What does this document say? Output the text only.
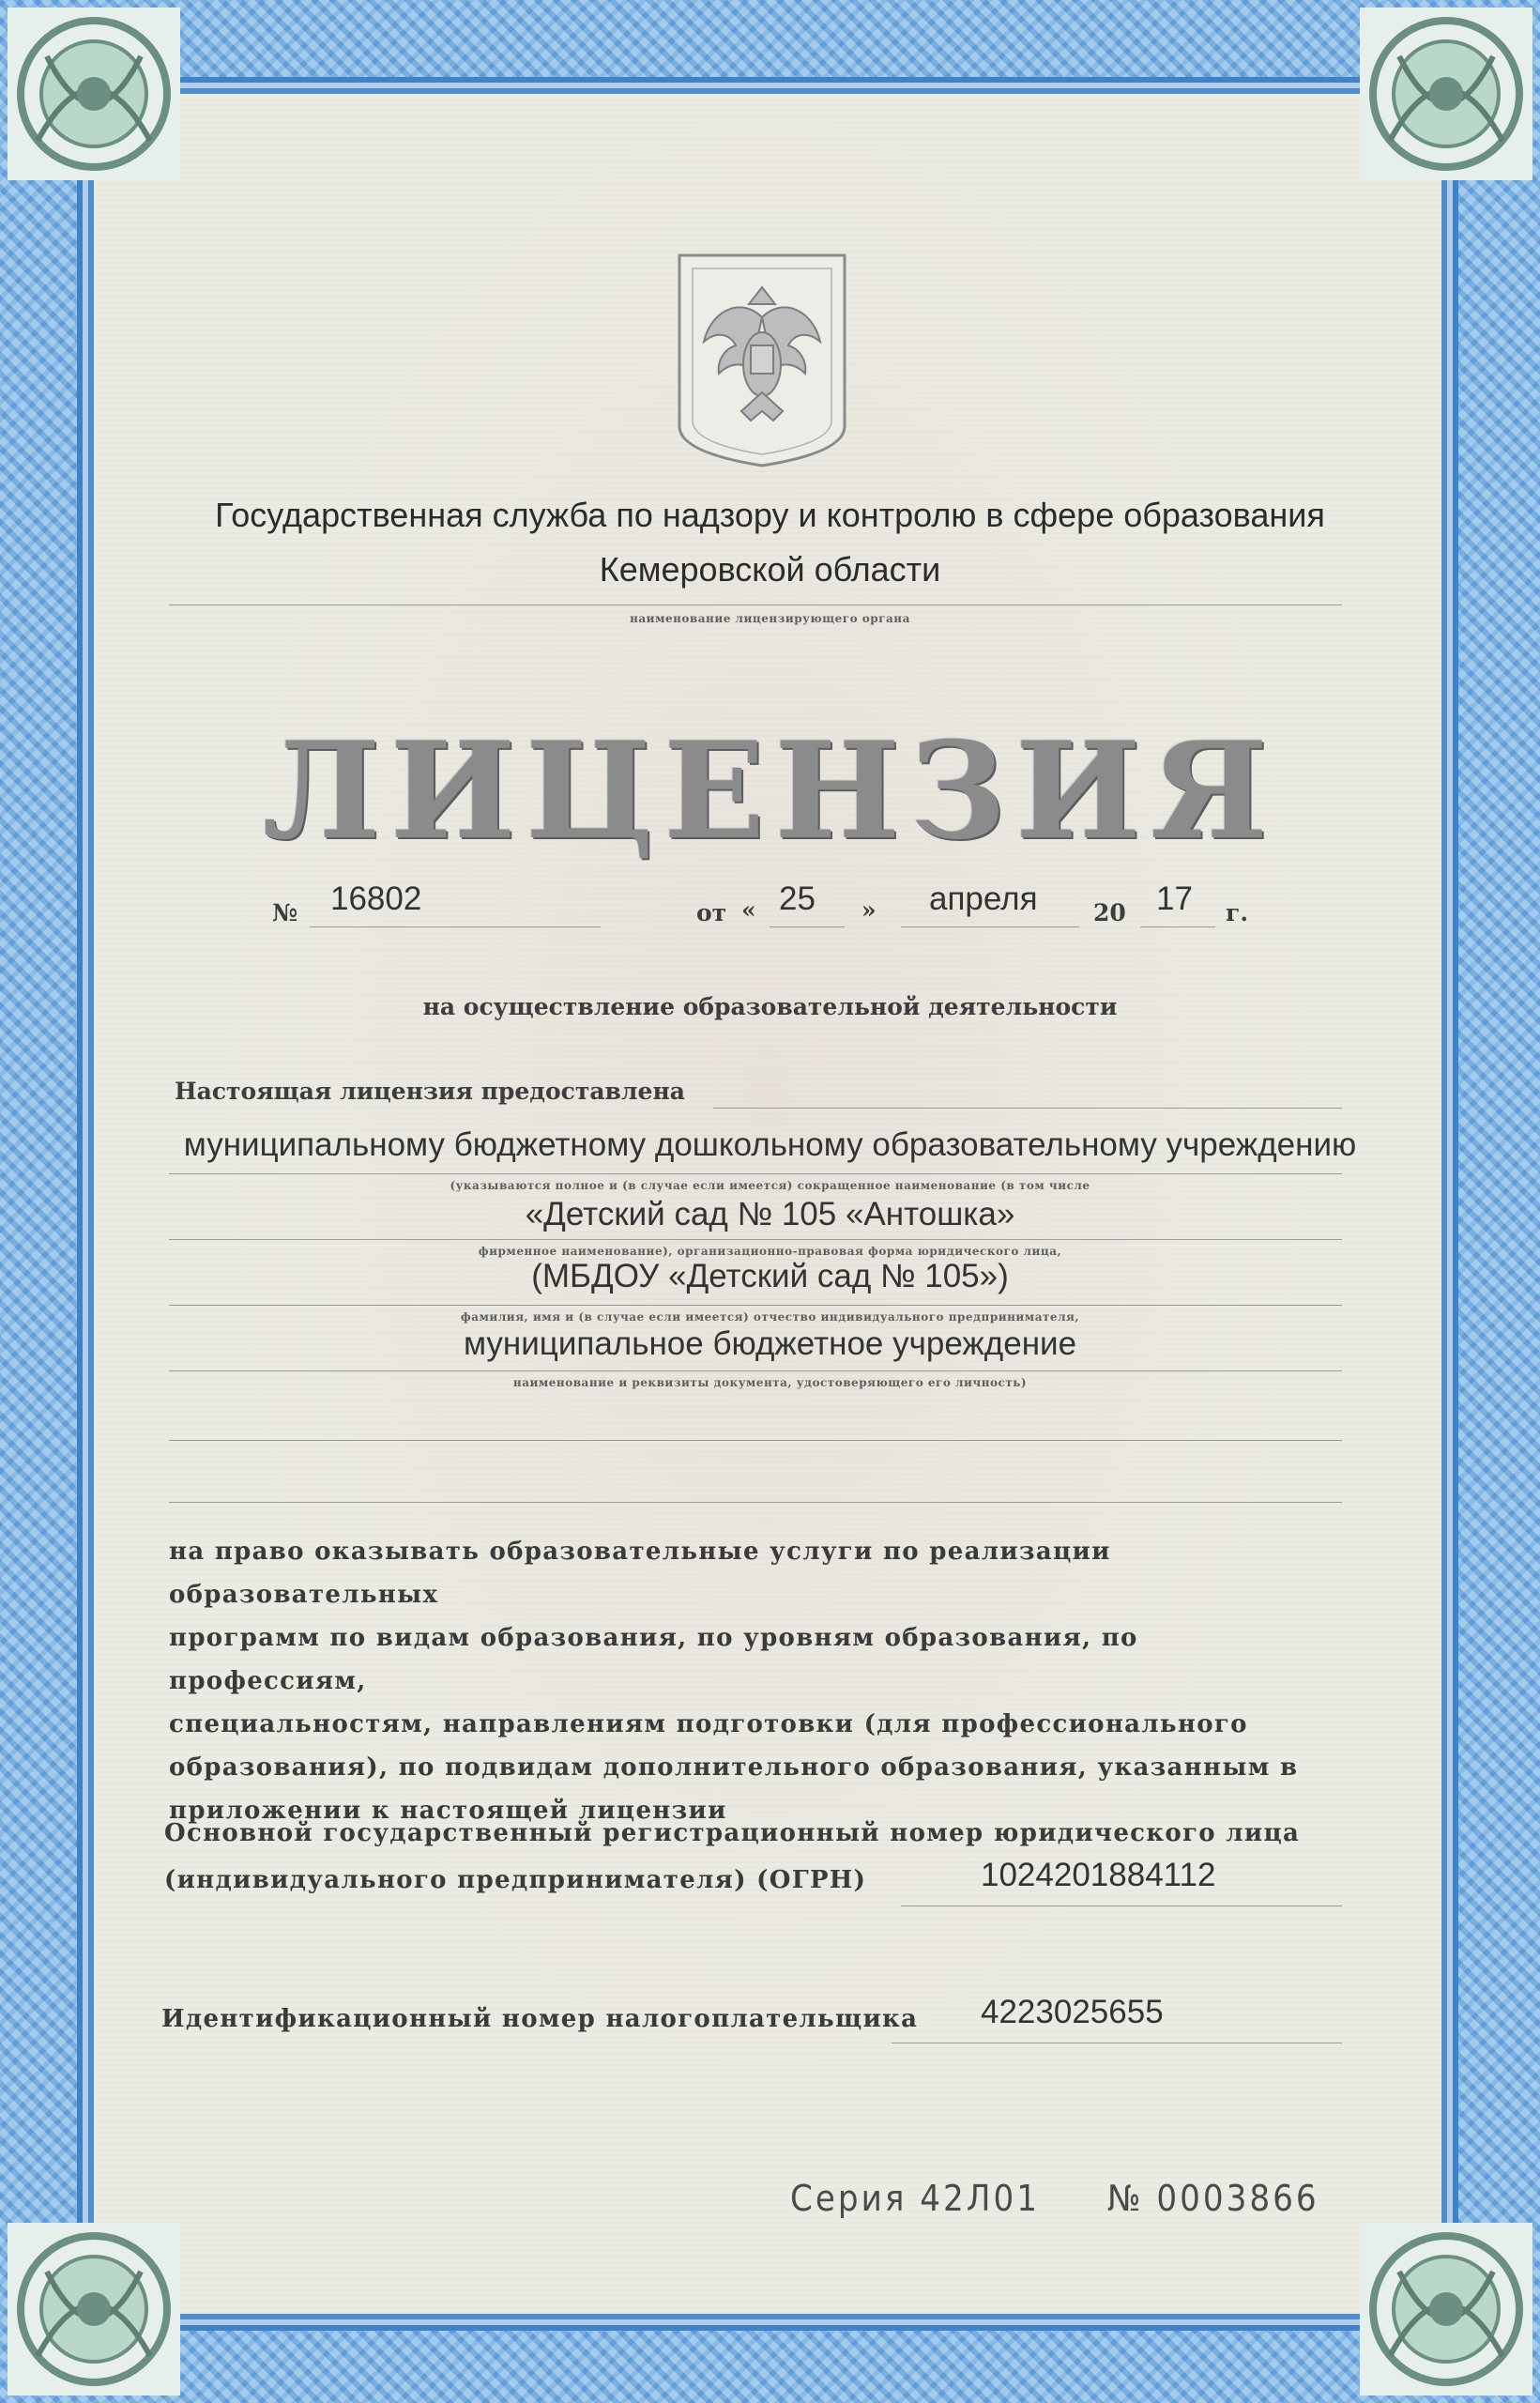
Государственная служба по надзору и контролю в сфере образования
Кемеровской области
наименование лицензирующего органа
ЛИЦЕНЗИЯ
№ 16802	от « 25 » апреля 20 17 г.
на осуществление образовательной деятельности
Настоящая лицензия предоставлена
муниципальному бюджетному дошкольному образовательному учреждению
(указываются полное и (в случае если имеется) сокращенное наименование (в том числе
«Детский сад № 105 «Антошка»
фирменное наименование), организационно-правовая форма юридического лица,
(МБДОУ «Детский сад № 105»)
фамилия, имя и (в случае если имеется) отчество индивидуального предпринимателя,
муниципальное бюджетное учреждение
наименование и реквизиты документа, удостоверяющего его личность)
на право оказывать образовательные услуги по реализации образовательных
программ по видам образования, по уровням образования, по профессиям,
специальностям, направлениям подготовки (для профессионального
образования), по подвидам дополнительного образования, указанным в
приложении к настоящей лицензии
Основной государственный регистрационный номер юридического лица
(индивидуального предпринимателя) (ОГРН)	1024201884112
Идентификационный номер налогоплательщика 4223025655
Серия 42Л01 № 0003866
